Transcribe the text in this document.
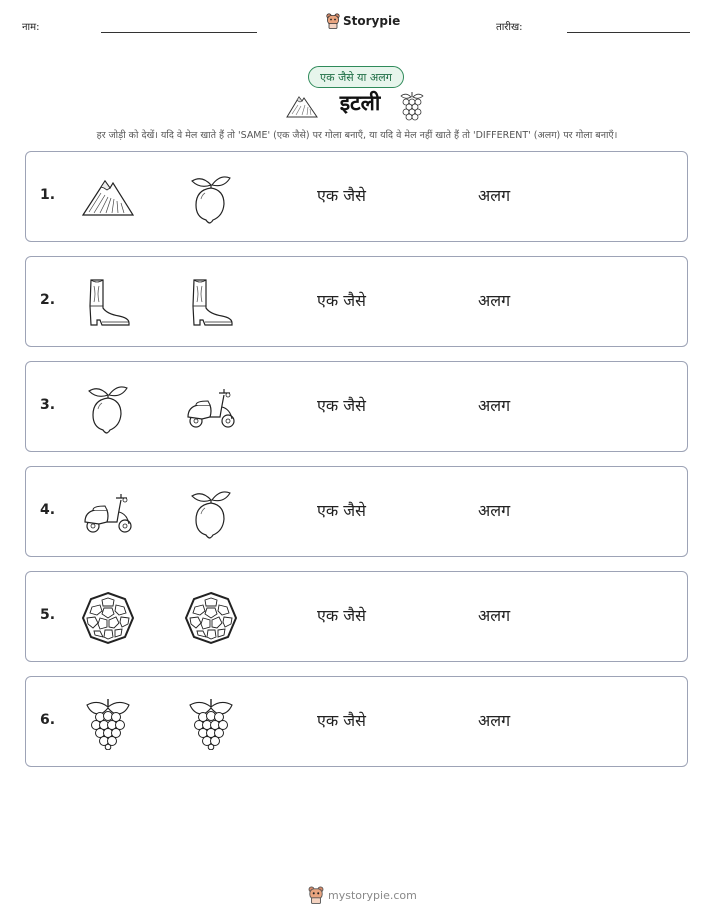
नाम:	Storypie	तारीख:
एक जैसे या अलग
इटली
हर जोड़ी को देखें। यदि वे मेल खाते हैं तो 'SAME' (एक जैसे) पर गोला बनाएँ, या यदि वे मेल नहीं खाते हैं तो 'DIFFERENT' (अलग) पर गोला बनाएँ।
1.	एक जैसे	अलग
2.	एक जैसे	अलग
3.	एक जैसे	अलग
4.	एक जैसे	अलग
5.	एक जैसे	अलग
6.	एक जैसे	अलग
mystorypie.com
